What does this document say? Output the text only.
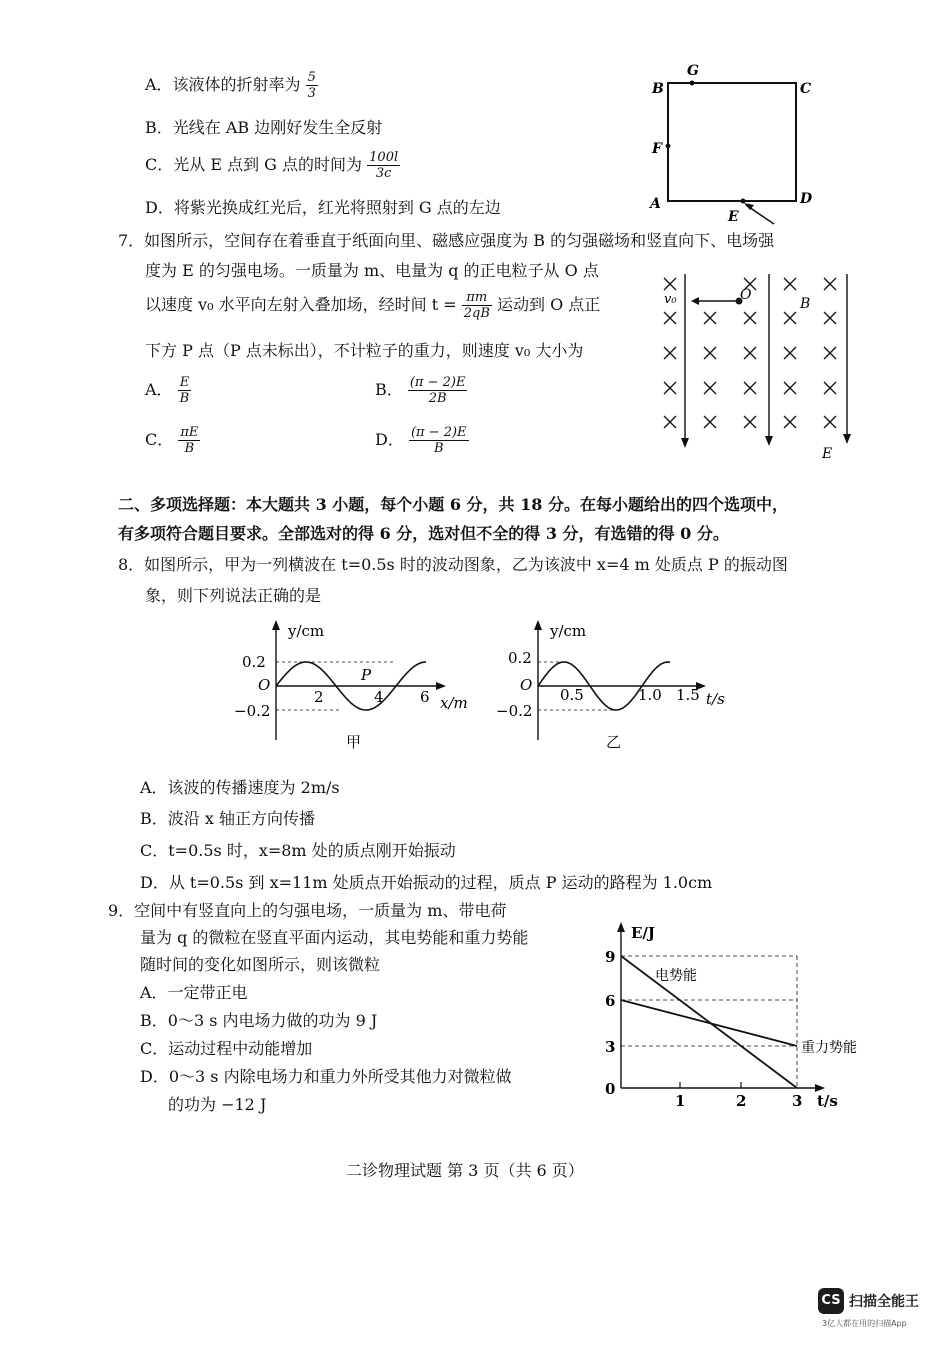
A．该液体的折射率为 $\frac{5}{3}$
B．光线在 AB 边刚好发生全反射
C．光从 E 点到 G 点的时间为 $\frac{100l}{3c}$
D．将紫光换成红光后，红光将照射到 G 点的左边
G
B	C
F
A	D
E
7．如图所示，空间存在着垂直于纸面向里、磁感应强度为 B 的匀强磁场和竖直向下、电场强
度为 E 的匀强电场。一质量为 m、电量为 q 的正电粒子从 O 点
以速度 v₀ 水平向左射入叠加场，经时间 $t = \frac{\pi m}{2qB}$ 运动到 O 点正
下方 P 点（P 点未标出），不计粒子的重力，则速度 v₀ 大小为
A． $\frac{E}{B}$	B． $\frac{(\pi - 2)E}{2B}$
C． $\frac{\pi E}{B}$	D． $\frac{(\pi - 2)E}{B}$
v₀	O
B
E
二、多项选择题：本大题共 3 小题，每个小题 6 分，共 18 分。在每小题给出的四个选项中，
有多项符合题目要求。全部选对的得 6 分，选对但不全的得 3 分，有选错的得 0 分。
8．如图所示，甲为一列横波在 t=0.5s 时的波动图象，乙为该波中 x=4 m 处质点 P 的振动图
象，则下列说法正确的是
y/cm
x/m
0.2
−0.2
O
2	4 6
P
甲
y/cm
t/s
0.2
−0.2
O
0.5	1.0 1.5
乙
A．该波的传播速度为 2m/s
B．波沿 x 轴正方向传播
C．t=0.5s 时，x=8m 处的质点刚开始振动
D．从 t=0.5s 到 x=11m 处质点开始振动的过程，质点 P 运动的路程为 1.0cm
9．空间中有竖直向上的匀强电场，一质量为 m、带电荷
量为 q 的微粒在竖直平面内运动，其电势能和重力势能
随时间的变化如图所示，则该微粒
A．一定带正电
B．0～3 s 内电场力做的功为 9 J
C．运动过程中动能增加
D．0～3 s 内除电场力和重力外所受其他力对微粒做
的功为 −12 J
E/J
t/s
9
6
3
0
1	2	3
电势能
重力势能
二诊物理试题 第 3 页（共 6 页）
CS 扫描全能王
3亿人都在用的扫描App
